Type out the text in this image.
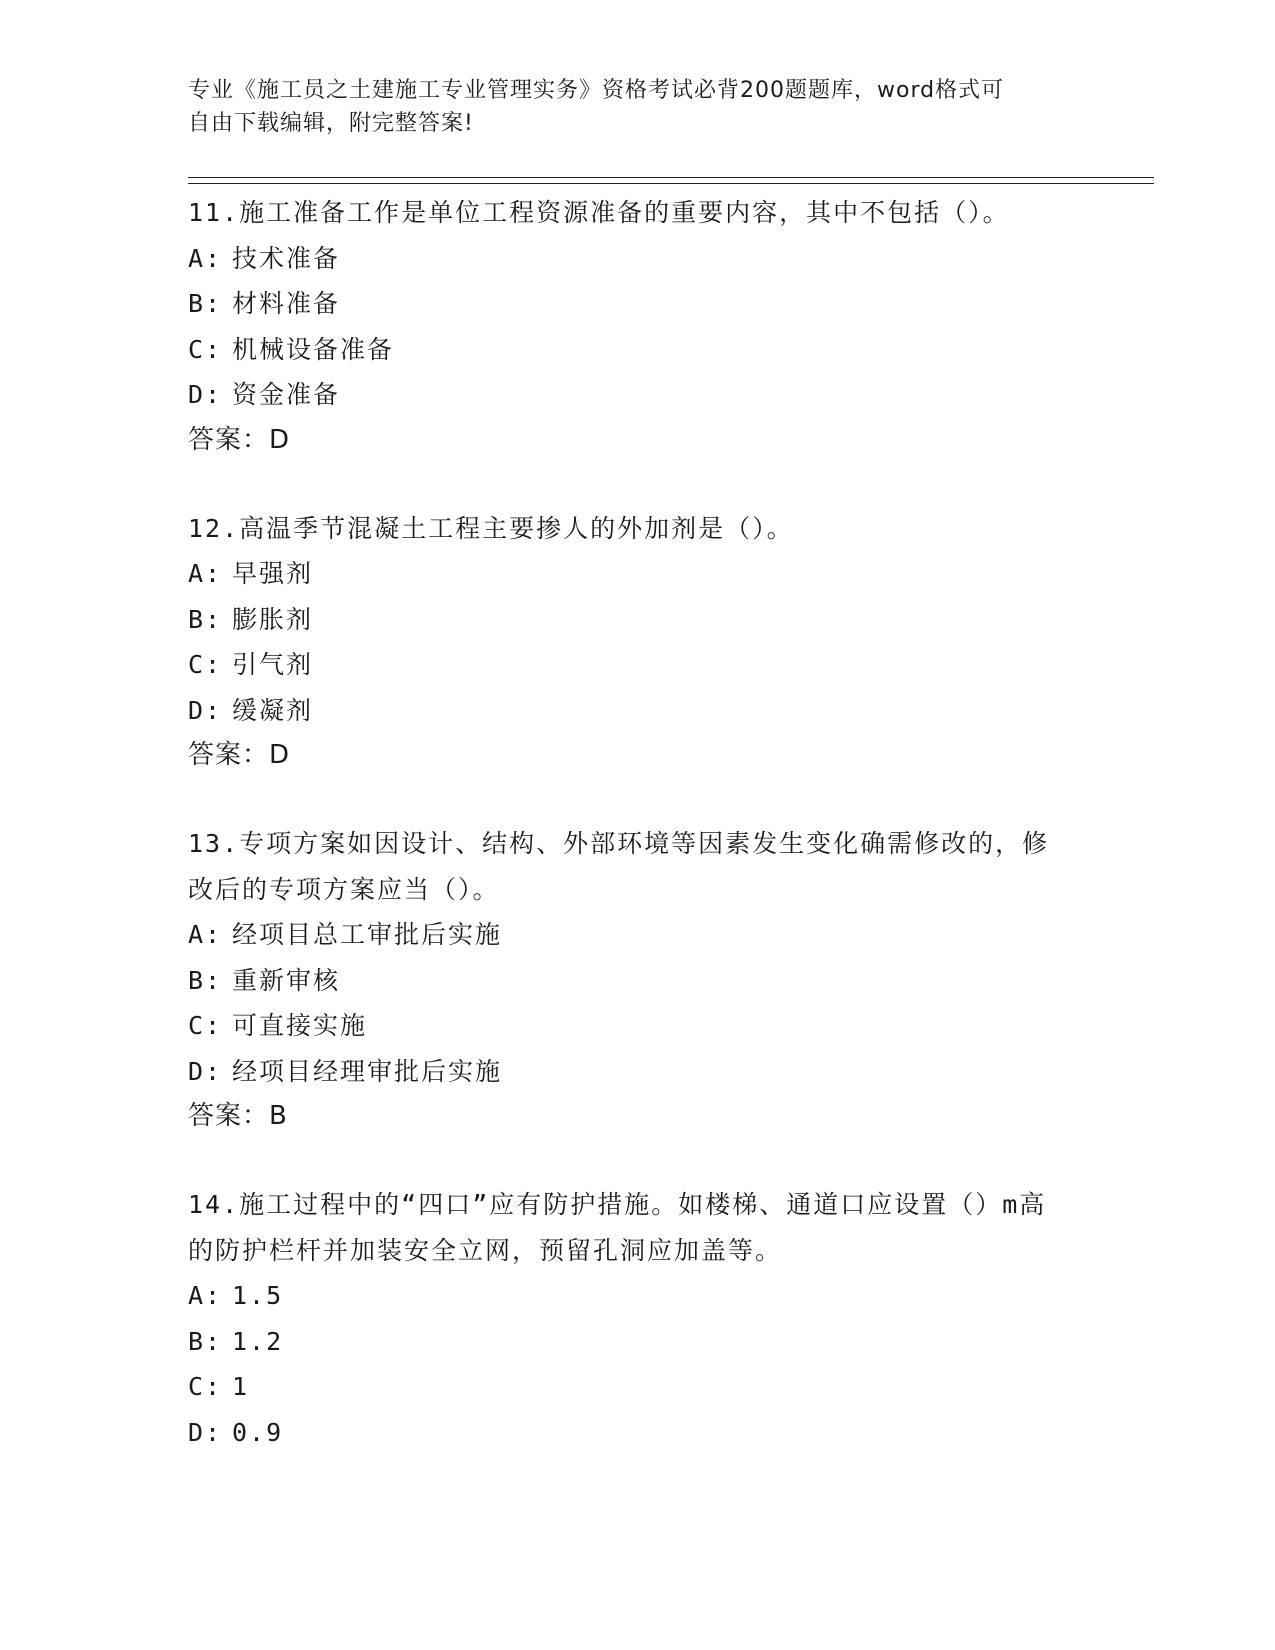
专业《施工员之土建施工专业管理实务》资格考试必背200题题库，word格式可
自由下载编辑，附完整答案!
11.施工准备工作是单位工程资源准备的重要内容，其中不包括（）。
A: 技术准备
B: 材料准备
C: 机械设备准备
D: 资金准备
答案：D
12.高温季节混凝土工程主要掺人的外加剂是（）。
A: 早强剂
B: 膨胀剂
C: 引气剂
D: 缓凝剂
答案：D
13.专项方案如因设计、结构、外部环境等因素发生变化确需修改的，修改后的专项方案应当（）。
A: 经项目总工审批后实施
B: 重新审核
C: 可直接实施
D: 经项目经理审批后实施
答案：B
14.施工过程中的“四口”应有防护措施。如楼梯、通道口应设置（）m高的防护栏杆并加装安全立网，预留孔洞应加盖等。
A: 1.5
B: 1.2
C: 1
D: 0.9
